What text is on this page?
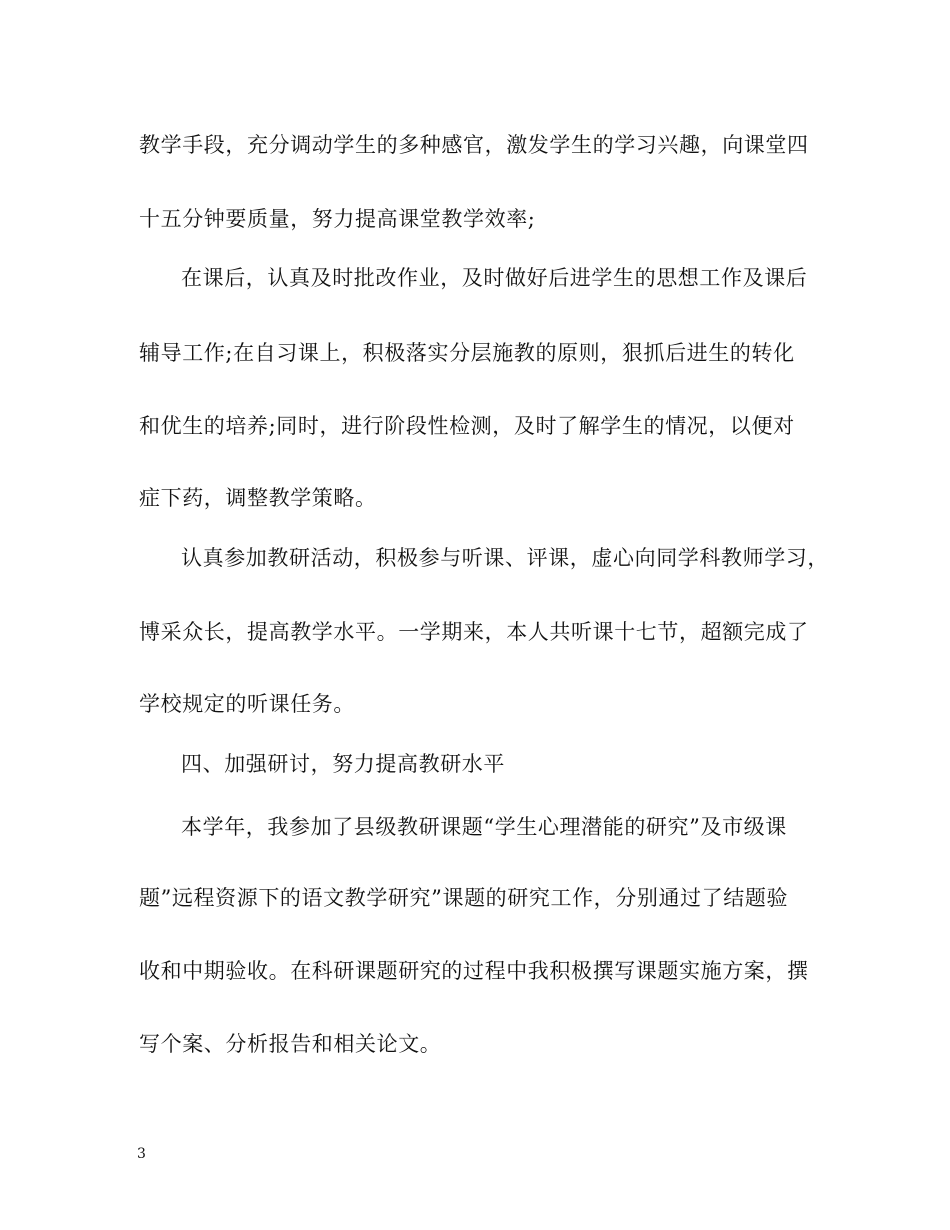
教学手段，充分调动学生的多种感官，激发学生的学习兴趣，向课堂四
十五分钟要质量，努力提高课堂教学效率;
在课后，认真及时批改作业，及时做好后进学生的思想工作及课后
辅导工作;在自习课上，积极落实分层施教的原则，狠抓后进生的转化
和优生的培养;同时，进行阶段性检测，及时了解学生的情况，以便对
症下药，调整教学策略。
认真参加教研活动，积极参与听课、评课，虚心向同学科教师学习，
博采众长，提高教学水平。一学期来，本人共听课十七节，超额完成了
学校规定的听课任务。
四、加强研讨，努力提高教研水平
本学年，我参加了县级教研课题“学生心理潜能的研究”及市级课
题”远程资源下的语文教学研究”课题的研究工作，分别通过了结题验
收和中期验收。在科研课题研究的过程中我积极撰写课题实施方案，撰
写个案、分析报告和相关论文。
3
